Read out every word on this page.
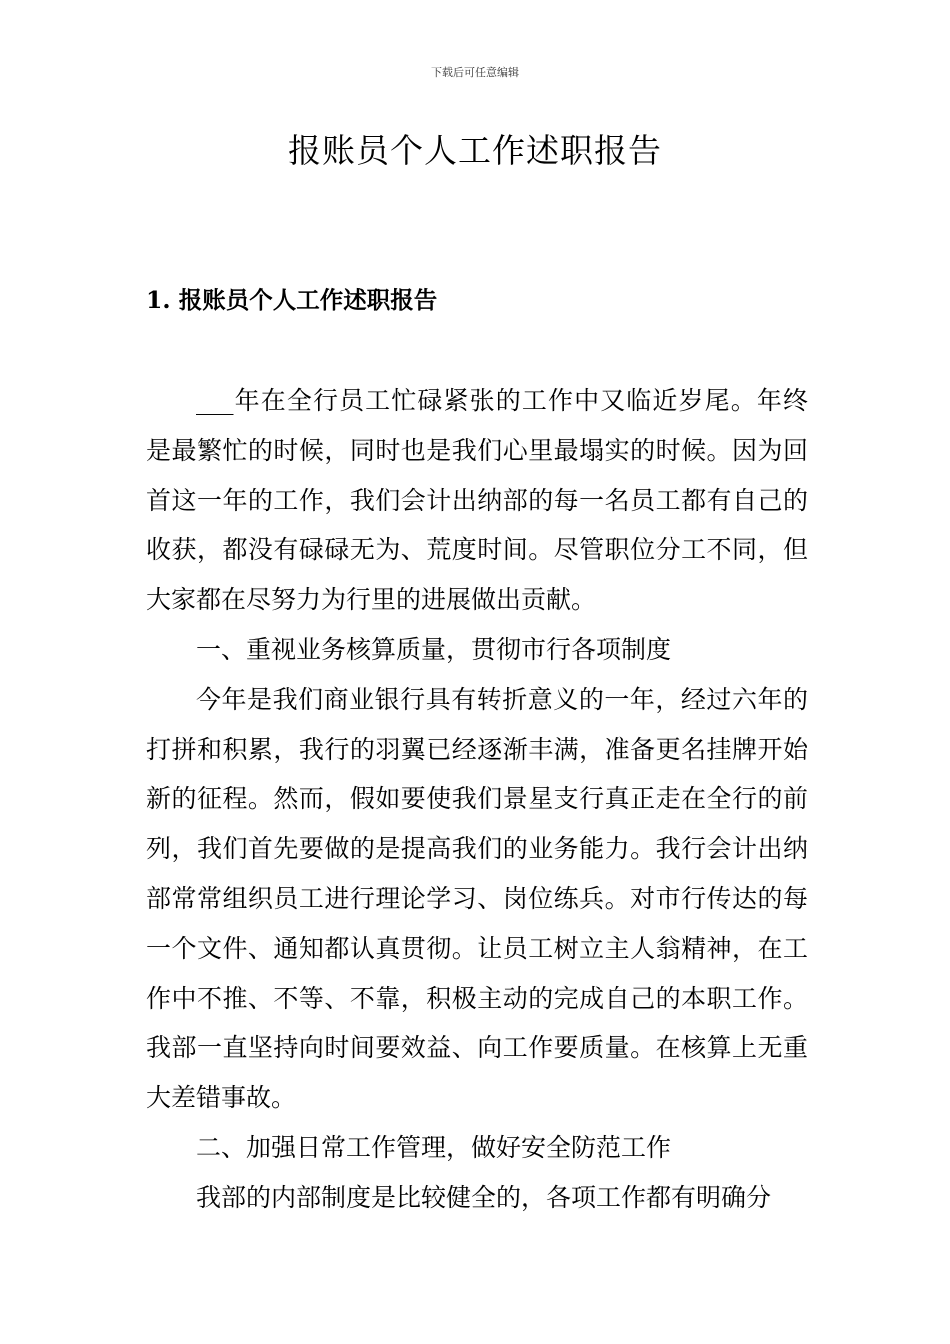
下载后可任意编辑
报账员个人工作述职报告
1. 报账员个人工作述职报告

___年在全行员工忙碌紧张的工作中又临近岁尾。年终是最繁忙的时候，同时也是我们心里最塌实的时候。因为回首这一年的工作，我们会计出纳部的每一名员工都有自己的收获，都没有碌碌无为、荒度时间。尽管职位分工不同，但大家都在尽努力为行里的进展做出贡献。

一、重视业务核算质量，贯彻市行各项制度

今年是我们商业银行具有转折意义的一年，经过六年的打拼和积累，我行的羽翼已经逐渐丰满，准备更名挂牌开始新的征程。然而，假如要使我们景星支行真正走在全行的前列，我们首先要做的是提高我们的业务能力。我行会计出纳部常常组织员工进行理论学习、岗位练兵。对市行传达的每一个文件、通知都认真贯彻。让员工树立主人翁精神，在工作中不推、不等、不靠，积极主动的完成自己的本职工作。我部一直坚持向时间要效益、向工作要质量。在核算上无重大差错事故。

二、加强日常工作管理，做好安全防范工作

我部的内部制度是比较健全的，各项工作都有明确分
